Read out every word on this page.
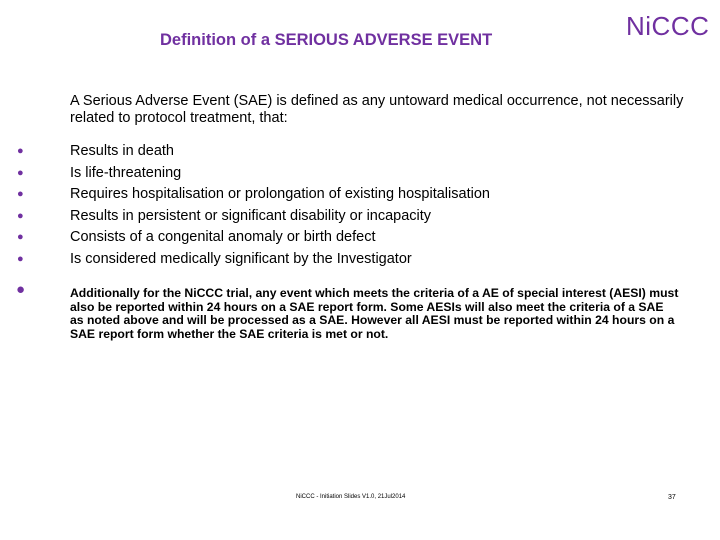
Definition of a SERIOUS ADVERSE EVENT	NiCCC
A Serious Adverse Event (SAE) is defined as any untoward medical occurrence, not necessarily related to protocol treatment, that:
●	Results in death
●	Is life-threatening
●	Requires hospitalisation or prolongation of existing hospitalisation
●	Results in persistent or significant disability or incapacity
●	Consists of a congenital anomaly or birth defect
●	Is considered medically significant by the Investigator
●	Additionally for the NiCCC trial, any event which meets the criteria of a AE of special interest (AESI) must also be reported within 24 hours on a SAE report form. Some AESIs will also meet the criteria of a SAE as noted above and will be processed as a SAE. However all AESI must be reported within 24 hours on a SAE report form whether the SAE criteria is met or not.
NiCCC - Initiation Slides V1.0, 21Jul2014	37
